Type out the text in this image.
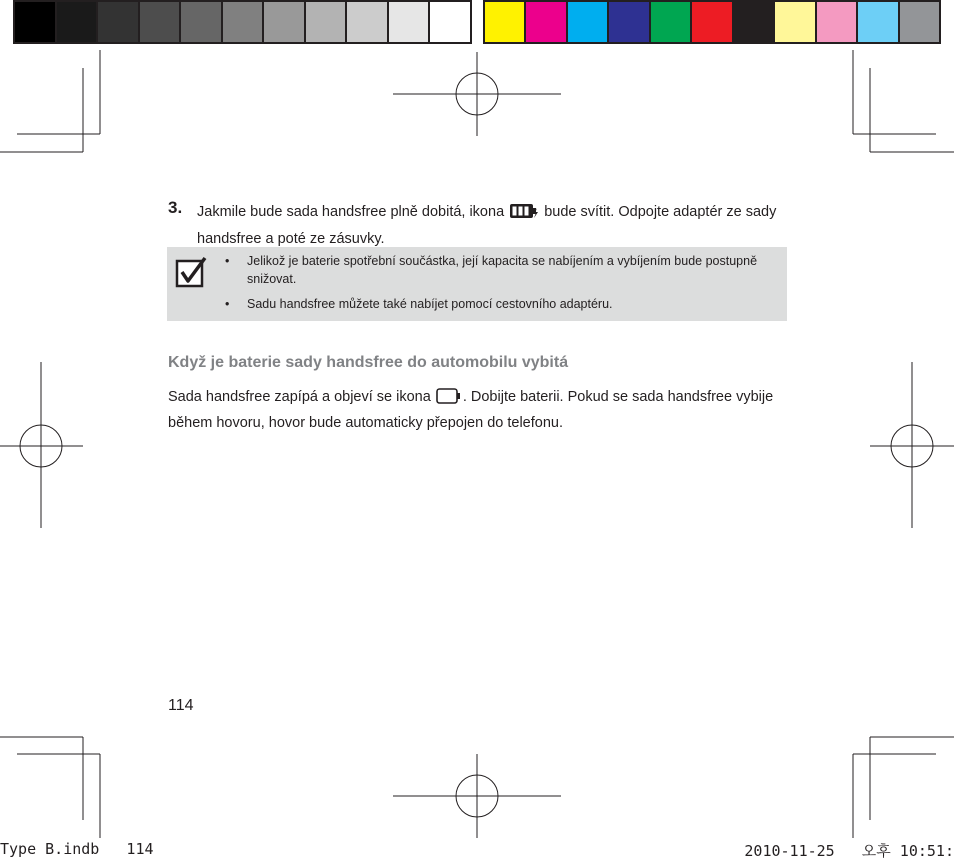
3. Jakmile bude sada handsfree plně dobitá, ikona	bude svítit. Odpojte adaptér ze sady handsfree a poté ze zásuvky.
• Jelikož je baterie spotřební součástka, její kapacita se nabíjením a vybíjením bude postupně snižovat.
• Sadu handsfree můžete také nabíjet pomocí cestovního adaptéru.
Když je baterie sady handsfree do automobilu vybitá
Sada handsfree zapípá a objeví se ikona . Dobijte baterii. Pokud se sada handsfree vybije během hovoru, hovor bude automaticky přepojen do telefonu.
114
Type B.indb   114	2010-11-25   오후 10:51:
